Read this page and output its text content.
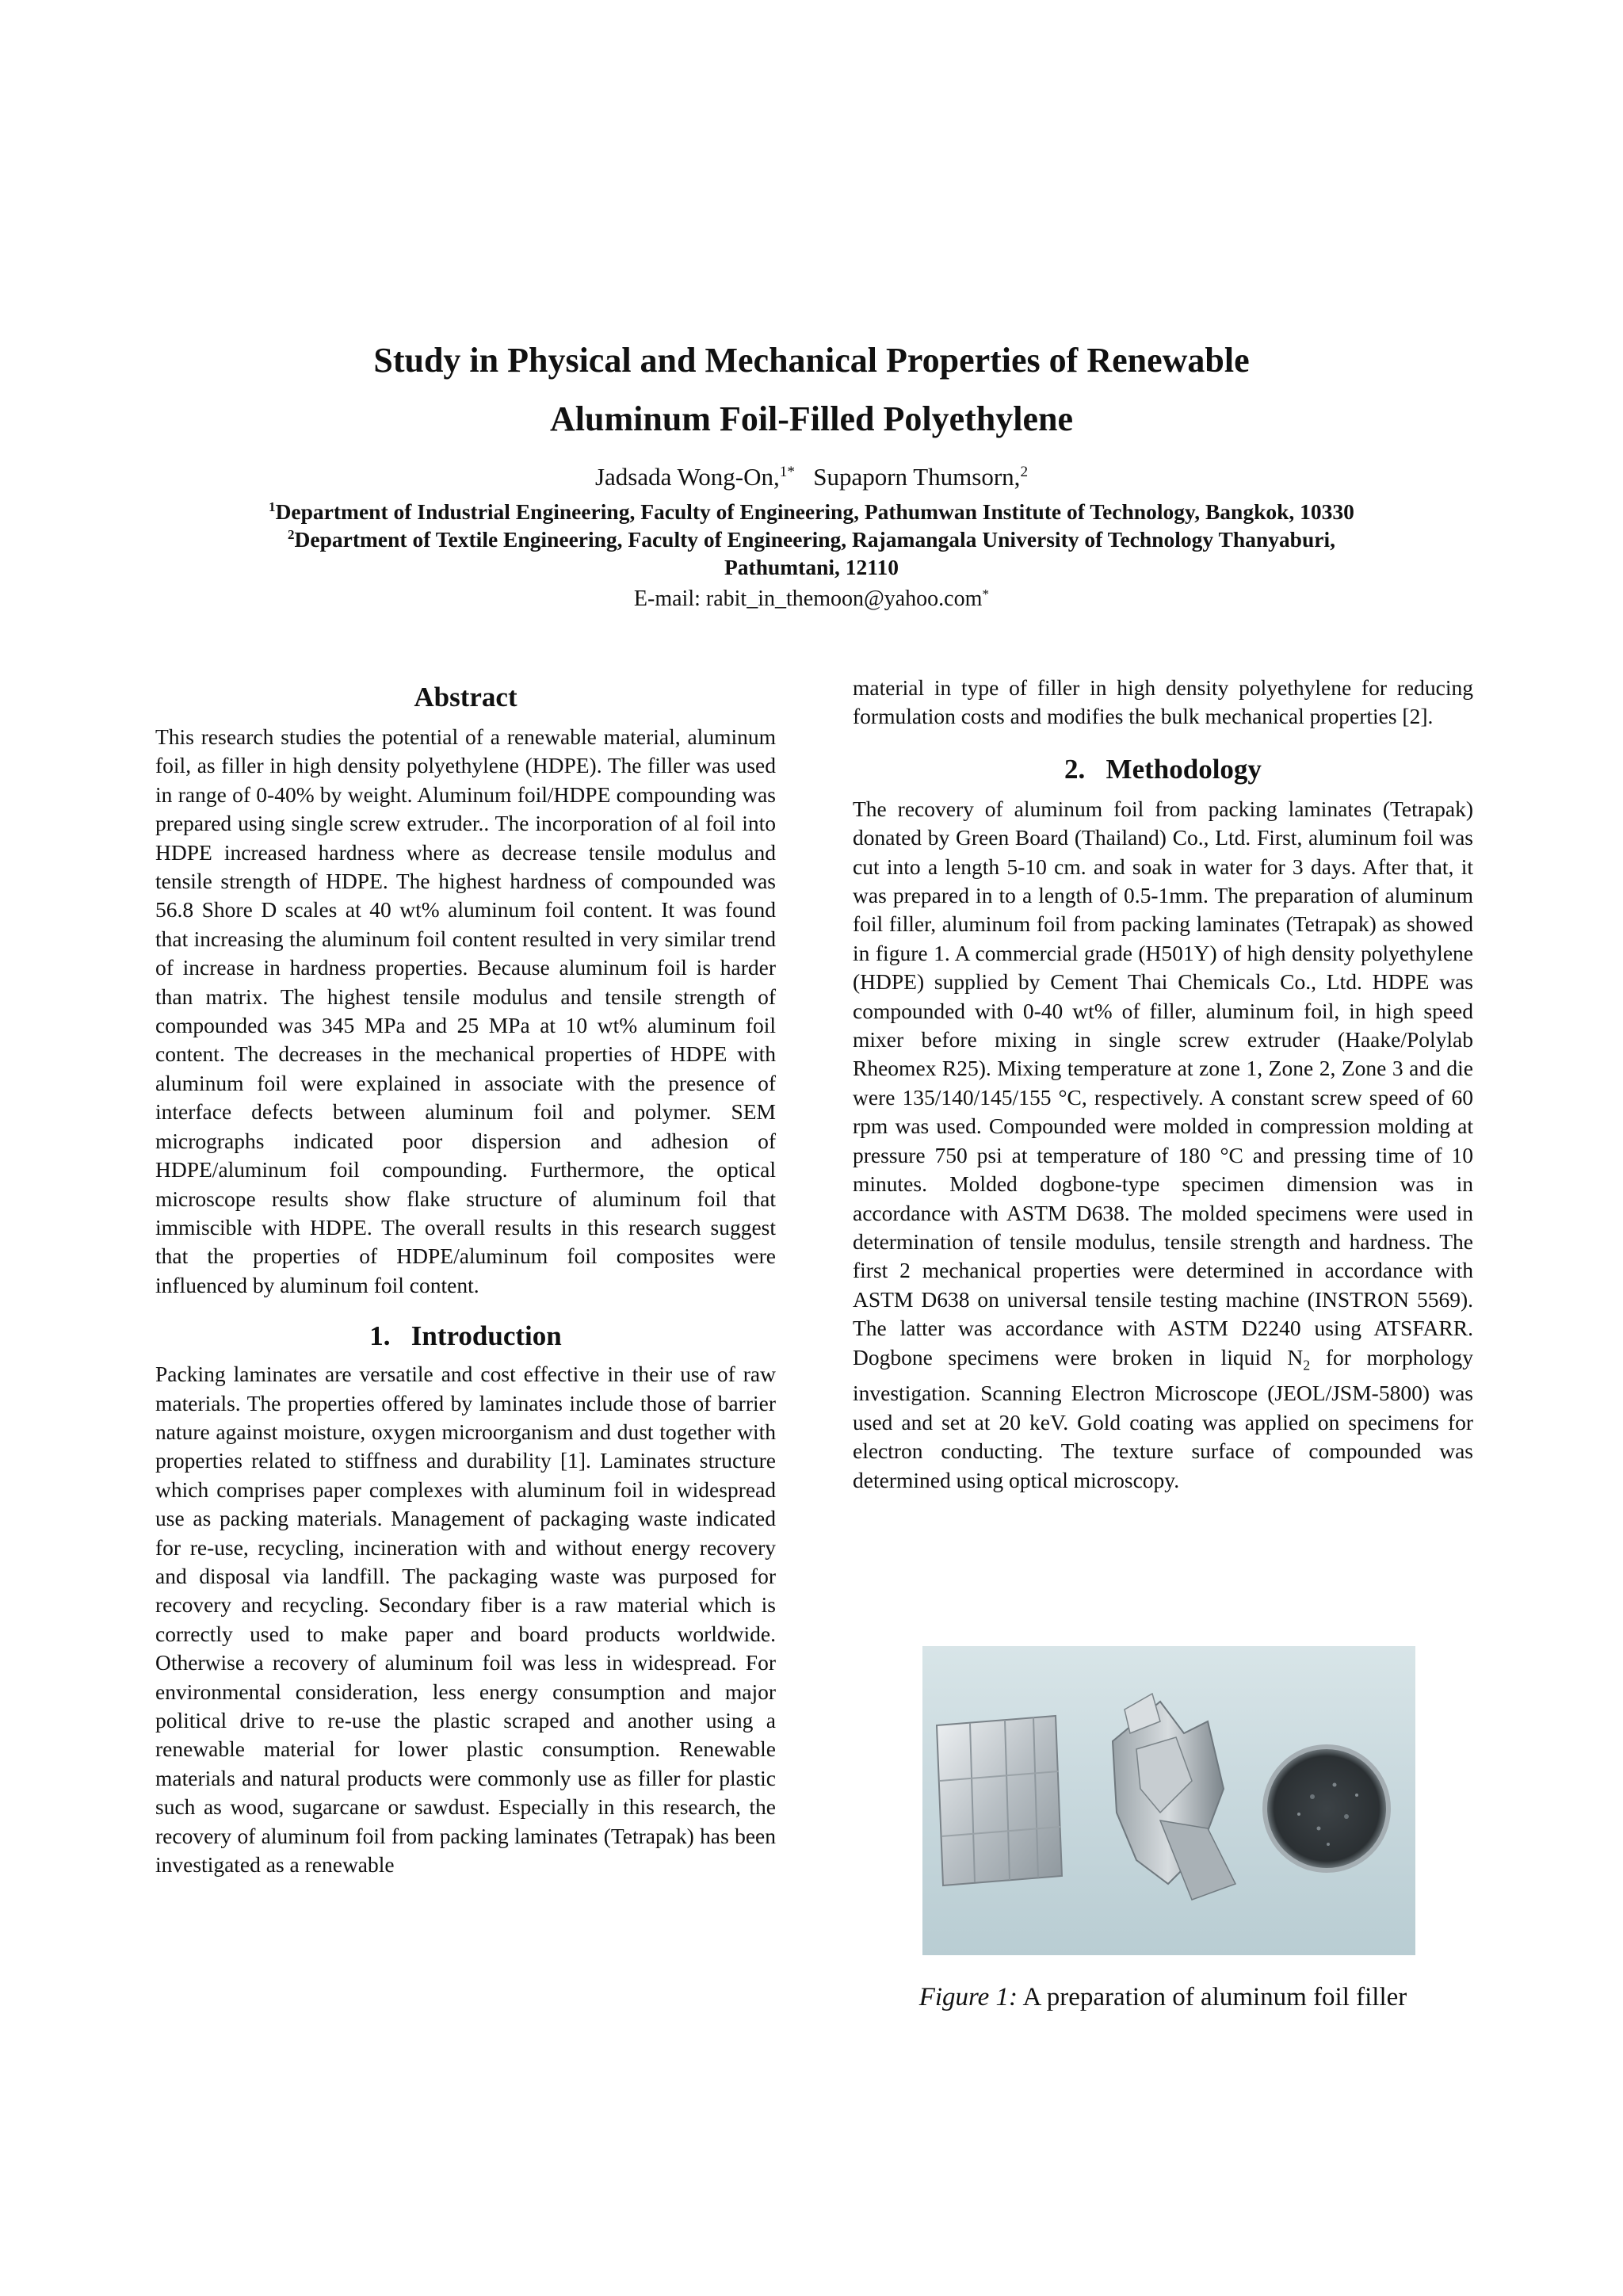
Study in Physical and Mechanical Properties of Renewable
Aluminum Foil-Filled Polyethylene
Jadsada Wong-On,$^{1*}$ Supaporn Thumsorn,$^2$
$^1$Department of Industrial Engineering, Faculty of Engineering, Pathumwan Institute of Technology, Bangkok, 10330
$^2$Department of Textile Engineering, Faculty of Engineering, Rajamangala University of Technology Thanyaburi,
Pathumtani, 12110
E-mail: rabit_in_themoon@yahoo.com*
Abstract

This research studies the potential of a renewable material, aluminum foil, as filler in high density polyethylene (HDPE). The filler was used in range of 0-40% by weight. Aluminum foil/HDPE compounding was prepared using single screw extruder.. The incorporation of al foil into HDPE increased hardness where as decrease tensile modulus and tensile strength of HDPE. The highest hardness of compounded was 56.8 Shore D scales at 40 wt% aluminum foil content. It was found that increasing the aluminum foil content resulted in very similar trend of increase in hardness properties. Because aluminum foil is harder than matrix. The highest tensile modulus and tensile strength of compounded was 345 MPa and 25 MPa at 10 wt% aluminum foil content. The decreases in the mechanical properties of HDPE with aluminum foil were explained in associate with the presence of interface defects between aluminum foil and polymer. SEM micrographs indicated poor dispersion and adhesion of HDPE/aluminum foil compounding. Furthermore, the optical microscope results show flake structure of aluminum foil that immiscible with HDPE. The overall results in this research suggest that the properties of HDPE/aluminum foil composites were influenced by aluminum foil content.

1.   Introduction

Packing laminates are versatile and cost effective in their use of raw materials. The properties offered by laminates include those of barrier nature against moisture, oxygen microorganism and dust together with properties related to stiffness and durability [1]. Laminates structure which comprises paper complexes with aluminum foil in widespread use as packing materials. Management of packaging waste indicated for re-use, recycling, incineration with and without energy recovery and disposal via landfill. The packaging waste was purposed for recovery and recycling. Secondary fiber is a raw material which is correctly used to make paper and board products worldwide. Otherwise a recovery of aluminum foil was less in widespread. For environmental consideration, less energy consumption and major political drive to re-use the plastic scraped and another using a renewable material for lower plastic consumption. Renewable materials and natural products were commonly use as filler for plastic such as wood, sugarcane or sawdust. Especially in this research, the recovery of aluminum foil from packing laminates (Tetrapak) has been investigated as a renewable

material in type of filler in high density polyethylene for reducing formulation costs and modifies the bulk mechanical properties [2].

2.   Methodology

The recovery of aluminum foil from packing laminates (Tetrapak) donated by Green Board (Thailand) Co., Ltd. First, aluminum foil was cut into a length 5-10 cm. and soak in water for 3 days. After that, it was prepared in to a length of 0.5-1mm. The preparation of aluminum foil filler, aluminum foil from packing laminates (Tetrapak) as showed in figure 1. A commercial grade (H501Y) of high density polyethylene (HDPE) supplied by Cement Thai Chemicals Co., Ltd. HDPE was compounded with 0-40 wt% of filler, aluminum foil, in high speed mixer before mixing in single screw extruder (Haake/Polylab Rheomex R25). Mixing temperature at zone 1, Zone 2, Zone 3 and die were 135/140/145/155 °C, respectively. A constant screw speed of 60 rpm was used. Compounded were molded in compression molding at pressure 750 psi at temperature of 180 °C and pressing time of 10 minutes. Molded dogbone-type specimen dimension was in accordance with ASTM D638. The molded specimens were used in determination of tensile modulus, tensile strength and hardness. The first 2 mechanical properties were determined in accordance with ASTM D638 on universal tensile testing machine (INSTRON 5569). The latter was accordance with ASTM D2240 using ATSFARR. Dogbone specimens were broken in liquid $N_2$ for morphology investigation. Scanning Electron Microscope (JEOL/JSM-5800) was used and set at 20 keV. Gold coating was applied on specimens for electron conducting. The texture surface of compounded was determined using optical microscopy.

Figure 1: A preparation of aluminum foil filler
